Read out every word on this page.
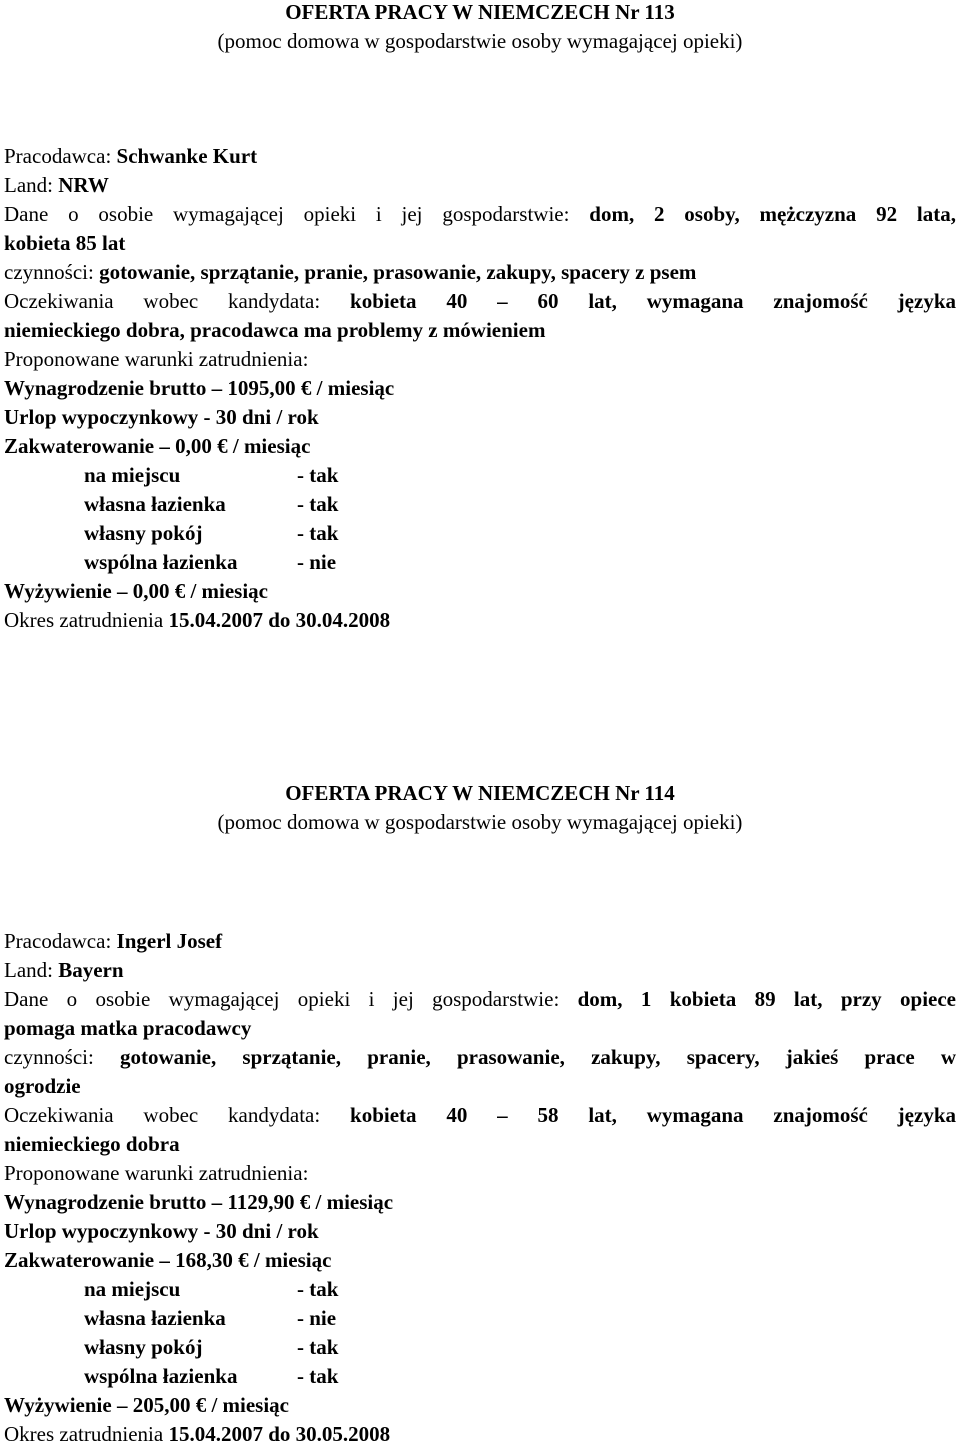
OFERTA PRACY W NIEMCZECH Nr 113
(pomoc domowa w gospodarstwie osoby wymagającej opieki)
Pracodawca: Schwanke Kurt
Land: NRW
Dane o osobie wymagającej opieki i jej gospodarstwie: dom, 2 osoby, mężczyzna 92 lata,
kobieta 85 lat
czynności: gotowanie, sprzątanie, pranie, prasowanie, zakupy, spacery z psem
Oczekiwania wobec kandydata: kobieta 40 – 60 lat, wymagana znajomość języka
niemieckiego dobra, pracodawca ma problemy z mówieniem
Proponowane warunki zatrudnienia:
Wynagrodzenie brutto – 1095,00 € / miesiąc
Urlop wypoczynkowy - 30 dni / rok
Zakwaterowanie – 0,00 € / miesiąc
na miejscu	- tak
własna łazienka	- tak
własny pokój	- tak
wspólna łazienka	- nie
Wyżywienie – 0,00 € / miesiąc
Okres zatrudnienia 15.04.2007 do 30.04.2008
OFERTA PRACY W NIEMCZECH Nr 114
(pomoc domowa w gospodarstwie osoby wymagającej opieki)
Pracodawca: Ingerl Josef
Land: Bayern
Dane o osobie wymagającej opieki i jej gospodarstwie: dom, 1 kobieta 89 lat, przy opiece
pomaga matka pracodawcy
czynności: gotowanie, sprzątanie, pranie, prasowanie, zakupy, spacery, jakieś prace w
ogrodzie
Oczekiwania wobec kandydata: kobieta 40 – 58 lat, wymagana znajomość języka
niemieckiego dobra
Proponowane warunki zatrudnienia:
Wynagrodzenie brutto – 1129,90 € / miesiąc
Urlop wypoczynkowy - 30 dni / rok
Zakwaterowanie – 168,30 € / miesiąc
na miejscu	- tak
własna łazienka	- nie
własny pokój	- tak
wspólna łazienka	- tak
Wyżywienie – 205,00 € / miesiąc
Okres zatrudnienia 15.04.2007 do 30.05.2008
